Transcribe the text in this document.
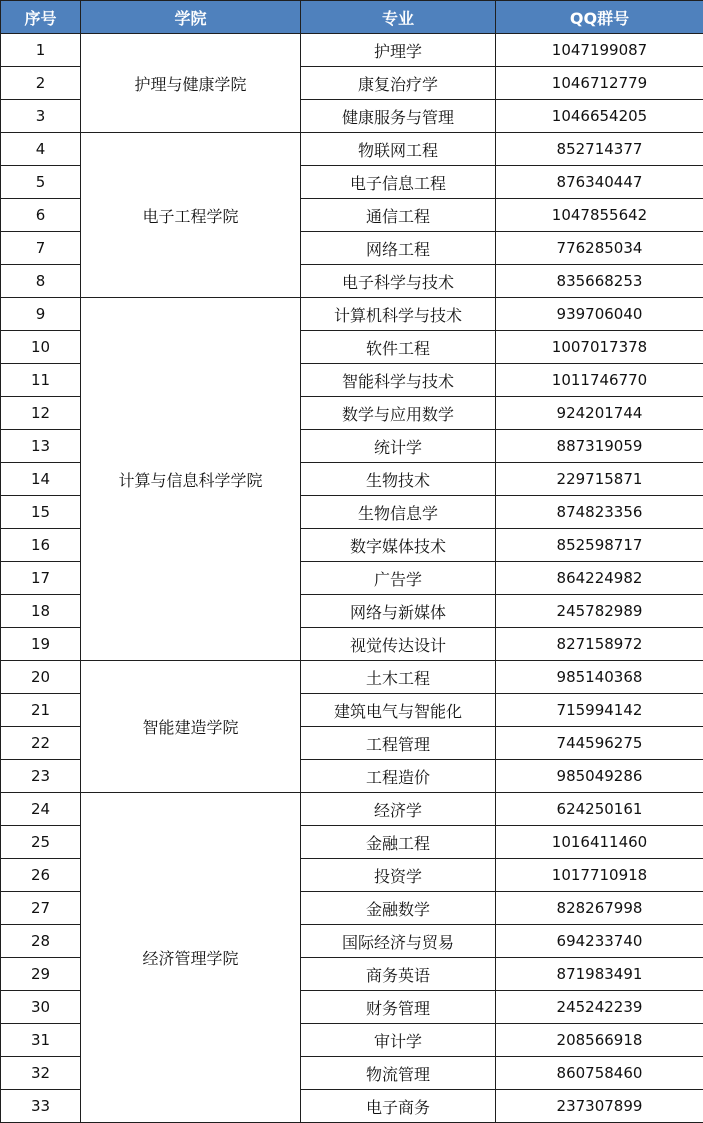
序号	学院	专业	QQ群号
1	护理与健康学院	护理学	1047199087
2		康复治疗学	1046712779
3		健康服务与管理	1046654205
4	电子工程学院	物联网工程	852714377
5		电子信息工程	876340447
6		通信工程	1047855642
7		网络工程	776285034
8		电子科学与技术	835668253
9	计算与信息科学学院	计算机科学与技术	939706040
10		软件工程	1007017378
11		智能科学与技术	1011746770
12		数学与应用数学	924201744
13		统计学	887319059
14		生物技术	229715871
15		生物信息学	874823356
16		数字媒体技术	852598717
17		广告学	864224982
18		网络与新媒体	245782989
19		视觉传达设计	827158972
20	智能建造学院	土木工程	985140368
21		建筑电气与智能化	715994142
22		工程管理	744596275
23		工程造价	985049286
24	经济管理学院	经济学	624250161
25		金融工程	1016411460
26		投资学	1017710918
27		金融数学	828267998
28		国际经济与贸易	694233740
29		商务英语	871983491
30		财务管理	245242239
31		审计学	208566918
32		物流管理	860758460
33		电子商务	237307899
